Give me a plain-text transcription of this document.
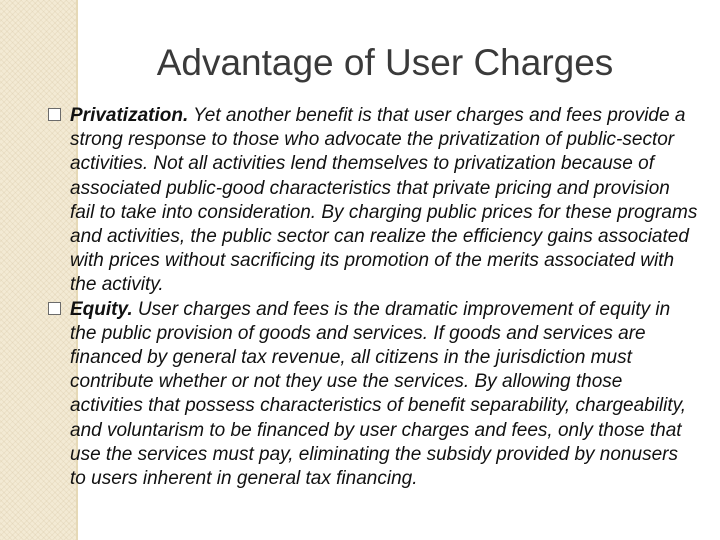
Advantage of User Charges
Privatization. Yet another benefit is that user charges and fees provide a strong response to those who advocate the privatization of public-sector activities. Not all activities lend themselves to privatization because of associated public-good characteristics that private pricing and provision fail to take into consideration. By charging public prices for these programs and activities, the public sector can realize the efficiency gains associated with prices without sacrificing its promotion of the merits associated with the activity.
Equity. User charges and fees is the dramatic improvement of equity in the public provision of goods and services. If goods and services are financed by general tax revenue, all citizens in the jurisdiction must contribute whether or not they use the services. By allowing those activities that possess characteristics of benefit separability, chargeability, and voluntarism to be financed by user charges and fees, only those that use the services must pay, eliminating the subsidy provided by nonusers to users inherent in general tax financing.
